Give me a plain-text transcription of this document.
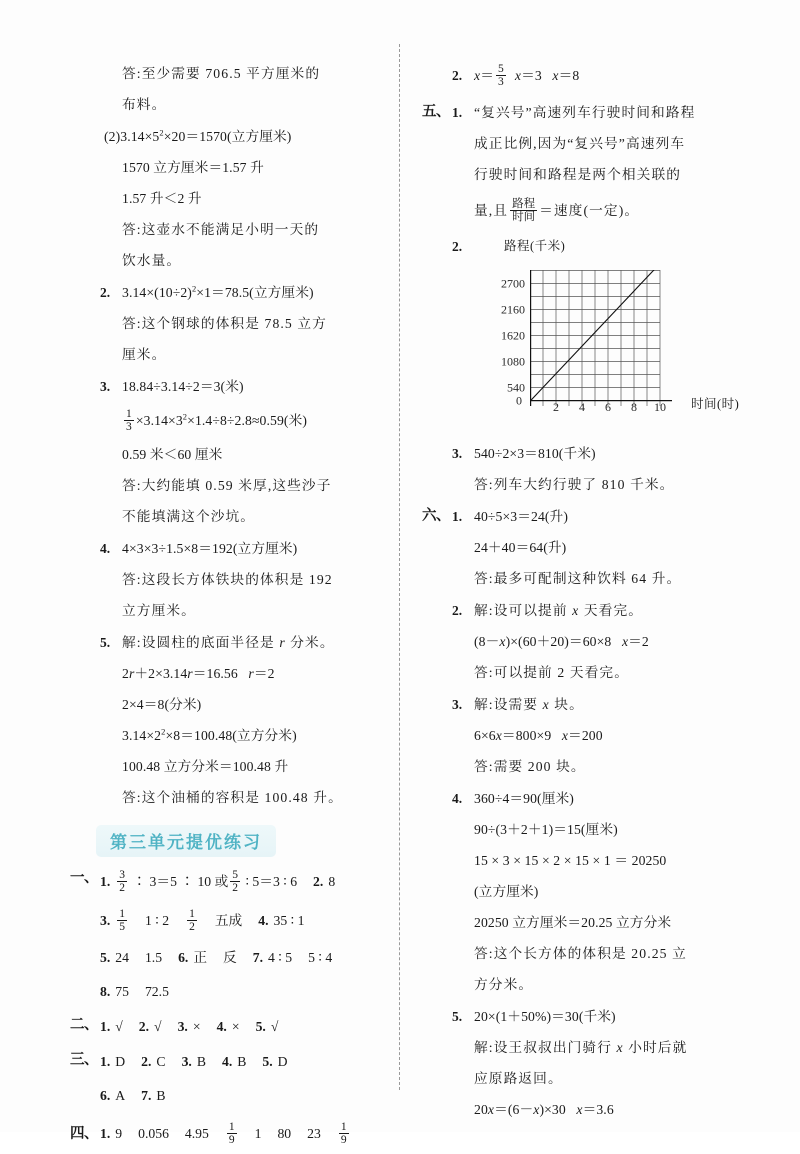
答:至少需要 706.5 平方厘米的
布料。
$(2)3.14\times 5^2\times 20=1570$(立方厘米)
1570 立方厘米＝1.57 升
1.57 升＜2 升
答:这壶水不能满足小明一天的
饮水量。
2. $3.14\times(10\div 2)^2\times 1=78.5$(立方厘米)
答:这个钢球的体积是 78.5 立方
厘米。
3. 18.84÷3.14÷2＝3(米)
$\frac{1}{3} \times 3.14\times 3^2\times 1.4\div 8\div 2.8\approx 0.59$(米)
0.59 米＜60 厘米
答:大约能填 0.59 米厚,这些沙子
不能填满这个沙坑。
4. 4×3×3÷1.5×8＝192(立方厘米)
答:这段长方体铁块的体积是 192
立方厘米。
5. 解:设圆柱的底面半径是 r 分米。
2r＋2×3.14r＝16.56   r＝2
2×4＝8(分米)
$3.14\times 2^2\times 8=100.48$(立方分米)
100.48 立方分米＝100.48 升
答:这个油桶的容积是 100.48 升。
第三单元提优练习
一、 1. $\frac{3}{2}$ ∶ 3＝5 ∶ 10 或 $\frac{5}{2}$ ∶ 5＝3 ∶ 6 2. 8
3. $\frac{1}{5} 1$ ∶ $2 \frac{1}{2}$ 五成 4. 35 ∶ 1
5. 24 1.5 6. 正 反 7. 4 ∶ 5 5 ∶ 4
8. 75 72.5
二、 1. √ 2. √ 3. × 4. × 5. √
三、 1. D 2. C 3. B 4. B 5. D
6. A 7. B
四、 1. 9 0.056 $4.95 \frac{1}{9} 1$ 80 $23 \frac{1}{9}$
2. $x= \frac{5}{3} x=3$   x＝8
五、 1. “复兴号”高速列车行驶时间和路程
成正比例,因为“复兴号”高速列车
行驶时间和路程是两个相关联的
量,且 $\frac{\text{路程}}{\text{时间}}$ ＝速度(一定)。
2.	路程(千米)
0
540
1080
1620
2160
2700
2 4 6 8 10 时间(时)
3. 540÷2×3＝810(千米)
答:列车大约行驶了 810 千米。
六、 1. 40÷5×3＝24(升)
24＋40＝64(升)
答:最多可配制这种饮料 64 升。
2. 解:设可以提前 x 天看完。
(8－x)×(60＋20)＝60×8   x＝2
答:可以提前 2 天看完。
3. 解:设需要 x 块。
6×6x＝800×9   x＝200
答:需要 200 块。
4. 360÷4＝90(厘米)
90÷(3＋2＋1)＝15(厘米)
15 × 3 × 15 × 2 × 15 × 1 ＝ 20250
(立方厘米)
20250 立方厘米＝20.25 立方分米
答:这个长方体的体积是 20.25 立
方分米。
5. 20×(1＋50%)＝30(千米)
解:设王叔叔出门骑行 x 小时后就
应原路返回。
20x＝(6－x)×30   x＝3.6
